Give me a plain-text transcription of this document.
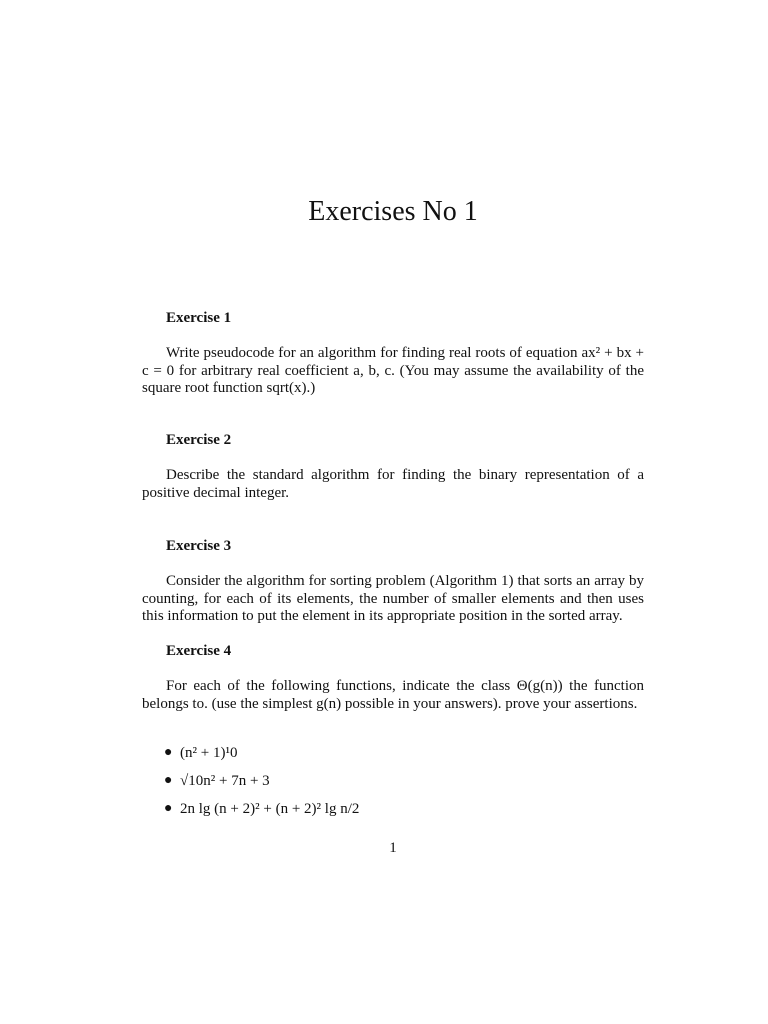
Exercises No 1
Exercise 1
Write pseudocode for an algorithm for finding real roots of equation ax² + bx + c = 0 for arbitrary real coefficient a, b, c. (You may assume the availability of the square root function sqrt(x).)
Exercise 2
Describe the standard algorithm for finding the binary representation of a positive decimal integer.
Exercise 3
Consider the algorithm for sorting problem (Algorithm 1) that sorts an array by counting, for each of its elements, the number of smaller elements and then uses this information to put the element in its appropriate position in the sorted array.
Exercise 4
For each of the following functions, indicate the class Θ(g(n)) the function belongs to. (use the simplest g(n) possible in your answers). prove your assertions.
● (n² + 1)¹0
● √10n² + 7n + 3
● 2n lg (n + 2)² + (n + 2)² lg n/2
1
